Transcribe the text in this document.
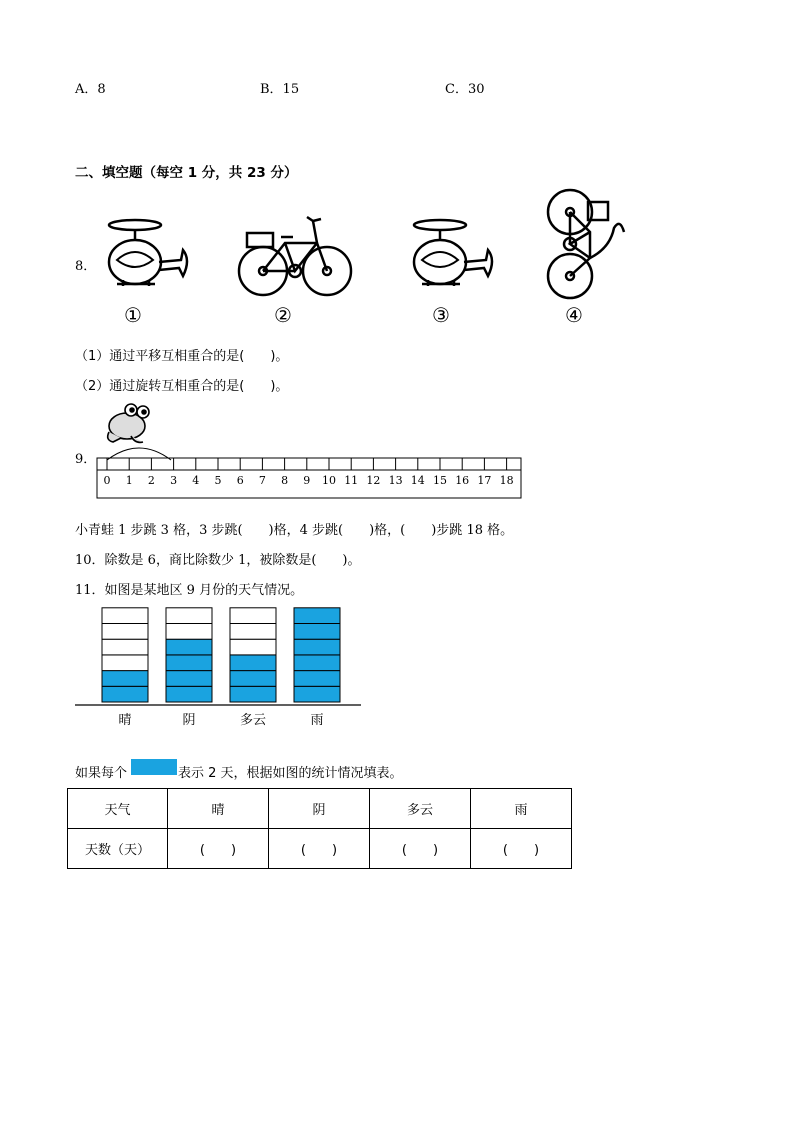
A．8	B．15	C．30
二、填空题（每空 1 分，共 23 分）
8．
①	②	③	④
（1）通过平移互相重合的是(　　)。
（2）通过旋转互相重合的是(　　)。
9．
0 1 2 3 4 5 6 7 8 9 10 11 12 13 14 15 16 17 18
小青蛙 1 步跳 3 格，3 步跳(　　)格，4 步跳(　　)格，(　　)步跳 18 格。
10．除数是 6，商比除数少 1，被除数是(　　)。
11．如图是某地区 9 月份的天气情况。
晴	阴	多云	雨
如果每个	表示 2 天，根据如图的统计情况填表。
天气	晴	阴	多云	雨
天数（天）	(　　)	(　　)	(　　)	(　　)
